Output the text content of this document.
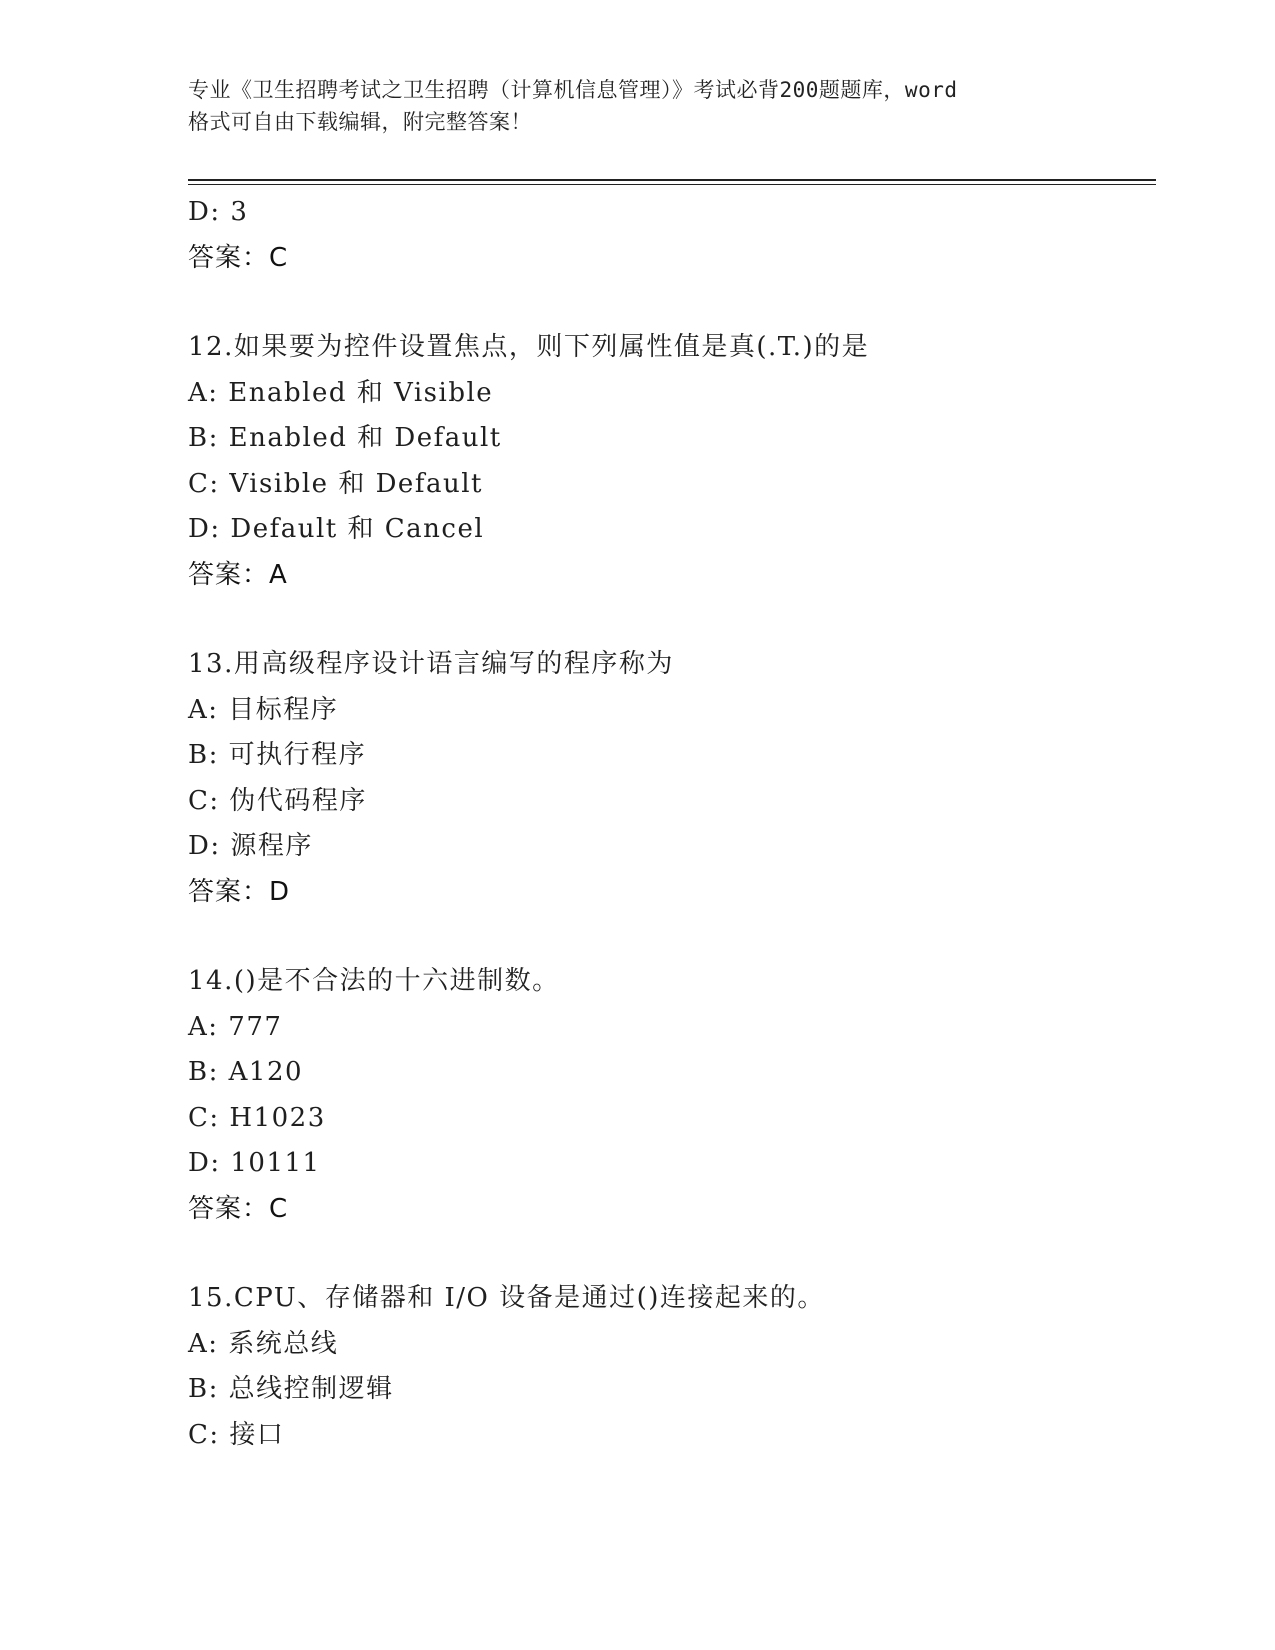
专业《卫生招聘考试之卫生招聘（计算机信息管理）》考试必背200题题库，word
格式可自由下载编辑，附完整答案！
D: 3
答案：C
12.如果要为控件设置焦点，则下列属性值是真(.T.)的是
A: Enabled 和 Visible
B: Enabled 和 Default
C: Visible 和 Default
D: Default 和 Cancel
答案：A
13.用高级程序设计语言编写的程序称为
A: 目标程序
B: 可执行程序
C: 伪代码程序
D: 源程序
答案：D
14.()是不合法的十六进制数。
A: 777
B: A120
C: H1023
D: 10111
答案：C
15.CPU、存储器和 I/O 设备是通过()连接起来的。
A: 系统总线
B: 总线控制逻辑
C: 接口
